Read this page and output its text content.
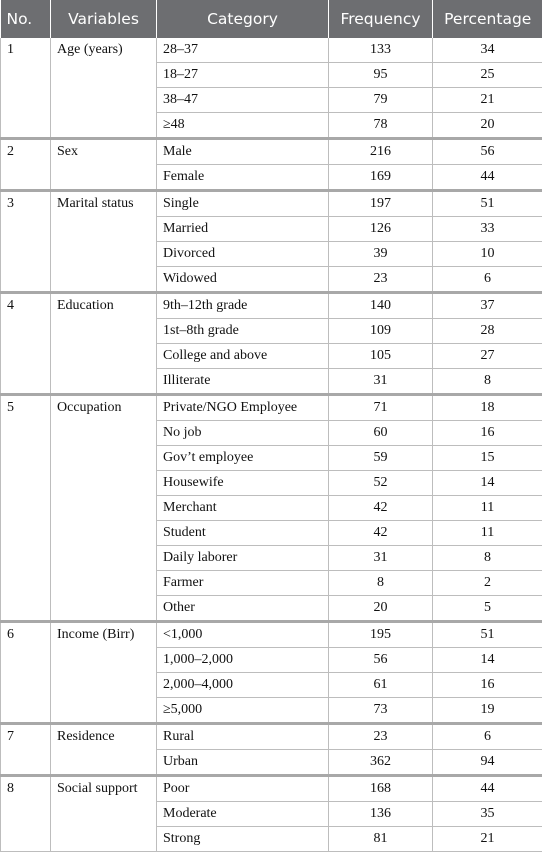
No.	Variables	Category	Frequency	Percentage
1	Age (years)	28–37	133	34
		18–27	95	25
		38–47	79	21
		≥48	78	20
2	Sex	Male	216	56
		Female	169	44
3	Marital status	Single	197	51
		Married	126	33
		Divorced	39	10
		Widowed	23	6
4	Education	9th–12th grade	140	37
		1st–8th grade	109	28
		College and above	105	27
		Illiterate	31	8
5	Occupation	Private/NGO Employee	71	18
		No job	60	16
		Gov’t employee	59	15
		Housewife	52	14
		Merchant	42	11
		Student	42	11
		Daily laborer	31	8
		Farmer	8	2
		Other	20	5
6	Income (Birr)	<1,000	195	51
		1,000–2,000	56	14
		2,000–4,000	61	16
		≥5,000	73	19
7	Residence	Rural	23	6
		Urban	362	94
8	Social support	Poor	168	44
		Moderate	136	35
		Strong	81	21
